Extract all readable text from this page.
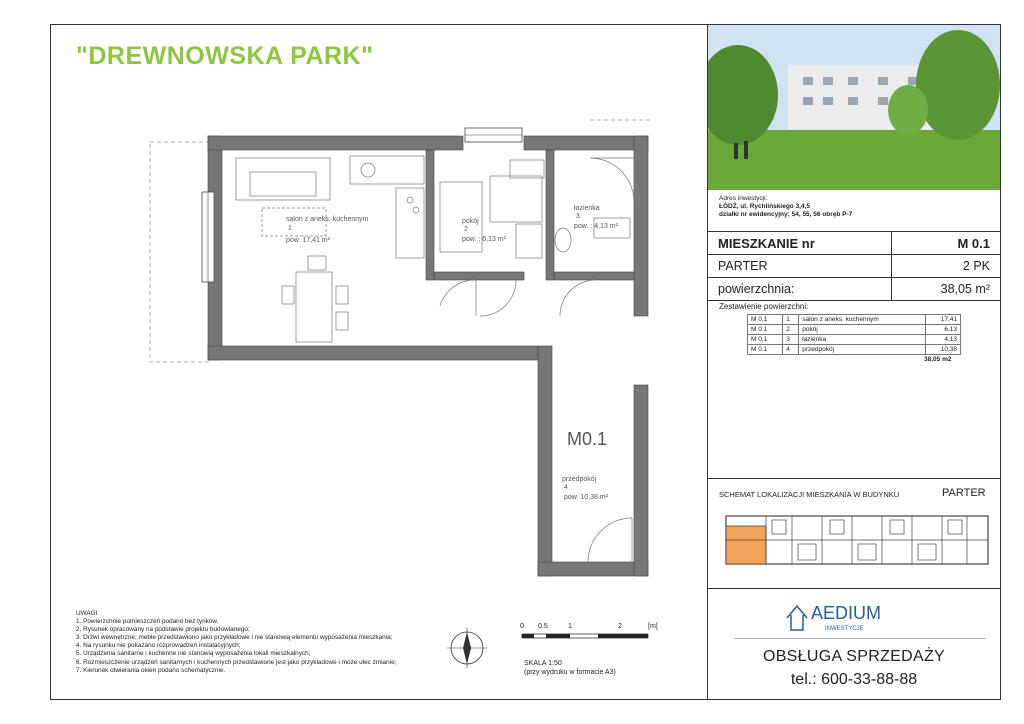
"DREWNOWSKA PARK"
salon z aneks. kuchennym
1
pow. 17,41 m²
pokój
2
pow. : 6,13 m²
łazienka
3
pow. : 4,13 m²
przedpokój
4
pow. 10,38 m²
M0.1
Adres inwestycji:
ŁÓDŹ, ul. Rychlińskiego 3,4,5
działki nr ewidencyjny: 54, 55, 56 obręb P-7
MIESZKANIE nr	M 0.1
PARTER	2 PK
powierzchnia:	38,05 m²
Zestawienie powierzchni:
M 0.1	1	salon z aneks. kuchennym	17,41
M 0.1	2	pokój	6,13
M 0.1	3	łazienka	4,13
M 0.1	4	przedpokój	10,38
38,05 m2
SCHEMAT LOKALIZACJI MIESZKANIA W BUDYNKU	PARTER
AEDIUM
INWESTYCJE
OBSŁUGA SPRZEDAŻY
tel.: 600-33-88-88
UWAGI
1. Powierzchnie pomieszczeń podano bez tynków;
2. Rysunek opracowany na podstawie projektu budowlanego;
3. Drzwi wewnętrzne, meble przedstawiono jako przykładowe i nie stanowią elementu wyposażenia mieszkania;
4. Na rysunku nie pokazano rozprowadzeń instalacyjnych;
5. Urządzenia sanitarne i kuchenne nie stanowią wyposażenia lokali mieszkalnych;
6. Rozmieszczenie urządzeń sanitarnych i kuchennych przedstawione jest jako przykładowe i może ulec zmianie;
7. Kierunek otwierania okien podano schematycznie.
0 0.5	1	2	[m]
SKALA 1:50
(przy wydruku w formacie A3)
